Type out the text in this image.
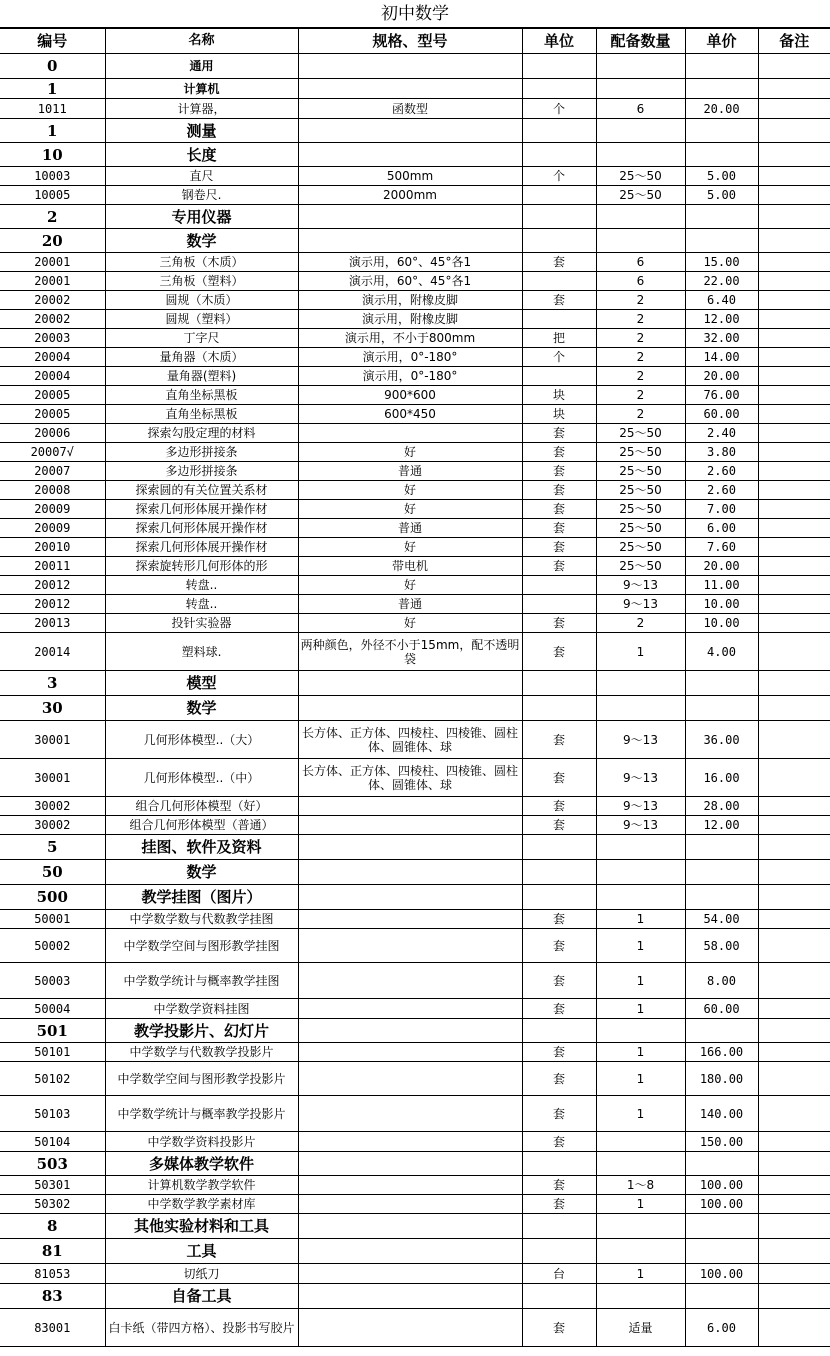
初中数学
编号	名称	规格、型号	单位	配备数量	单价	备注
0	通用					
1	计算机					
1011	计算器，	函数型	个	6	20.00	
1	测量					
10	长度					
10003	直尺	500mm	个	25～50	5.00	
10005	钢卷尺.	2000mm		25～50	5.00	
2	专用仪器					
20	数学					
20001	三角板（木质）	演示用，60°、45°各1	套	6	15.00	
20001	三角板（塑料）	演示用，60°、45°各1		6	22.00	
20002	圆规（木质）	演示用，附橡皮脚	套	2	6.40	
20002	圆规（塑料）	演示用，附橡皮脚		2	12.00	
20003	丁字尺	演示用，不小于800mm	把	2	32.00	
20004	量角器（木质）	演示用，0°-180°	个	2	14.00	
20004	量角器(塑料)	演示用，0°-180°		2	20.00	
20005	直角坐标黑板	900*600	块	2	76.00	
20005	直角坐标黑板	600*450	块	2	60.00	
20006	探索勾股定理的材料		套	25～50	2.40	
20007√	多边形拼接条	好	套	25～50	3.80	
20007	多边形拼接条	普通	套	25～50	2.60	
20008	探索圆的有关位置关系材	好	套	25～50	2.60	
20009	探索几何形体展开操作材	好	套	25～50	7.00	
20009	探索几何形体展开操作材	普通	套	25～50	6.00	
20010	探索几何形体展开操作材	好	套	25～50	7.60	
20011	探索旋转形几何形体的形	带电机	套	25～50	20.00	
20012	转盘..	好		9～13	11.00	
20012	转盘..	普通		9～13	10.00	
20013	投针实验器	好	套	2	10.00	
20014	塑料球.	两种颜色，外径不小于15mm，配不透明袋	套	1	4.00	
3	模型					
30	数学					
30001	几何形体模型..（大）	长方体、正方体、四棱柱、四棱锥、圆柱体、圆锥体、球	套	9～13	36.00	
30001	几何形体模型..（中）	长方体、正方体、四棱柱、四棱锥、圆柱体、圆锥体、球	套	9～13	16.00	
30002	组合几何形体模型（好）		套	9～13	28.00	
30002	组合几何形体模型（普通）		套	9～13	12.00	
5	挂图、软件及资料					
50	数学					
500	教学挂图（图片）					
50001	中学数学数与代数教学挂图		套	1	54.00	
50002	中学数学空间与图形教学挂图		套	1	58.00	
50003	中学数学统计与概率教学挂图		套	1	8.00	
50004	中学数学资料挂图		套	1	60.00	
501	教学投影片、幻灯片					
50101	中学数学与代数教学投影片		套	1	166.00	
50102	中学数学空间与图形教学投影片		套	1	180.00	
50103	中学数学统计与概率教学投影片		套	1	140.00	
50104	中学数学资料投影片		套		150.00	
503	多媒体教学软件					
50301	计算机数学教学软件		套	1～8	100.00	
50302	中学数学教学素材库		套	1	100.00	
8	其他实验材料和工具					
81	工具					
81053	切纸刀		台	1	100.00	
83	自备工具					
83001	白卡纸（带四方格）、投影书写胶片		套	适量	6.00	
